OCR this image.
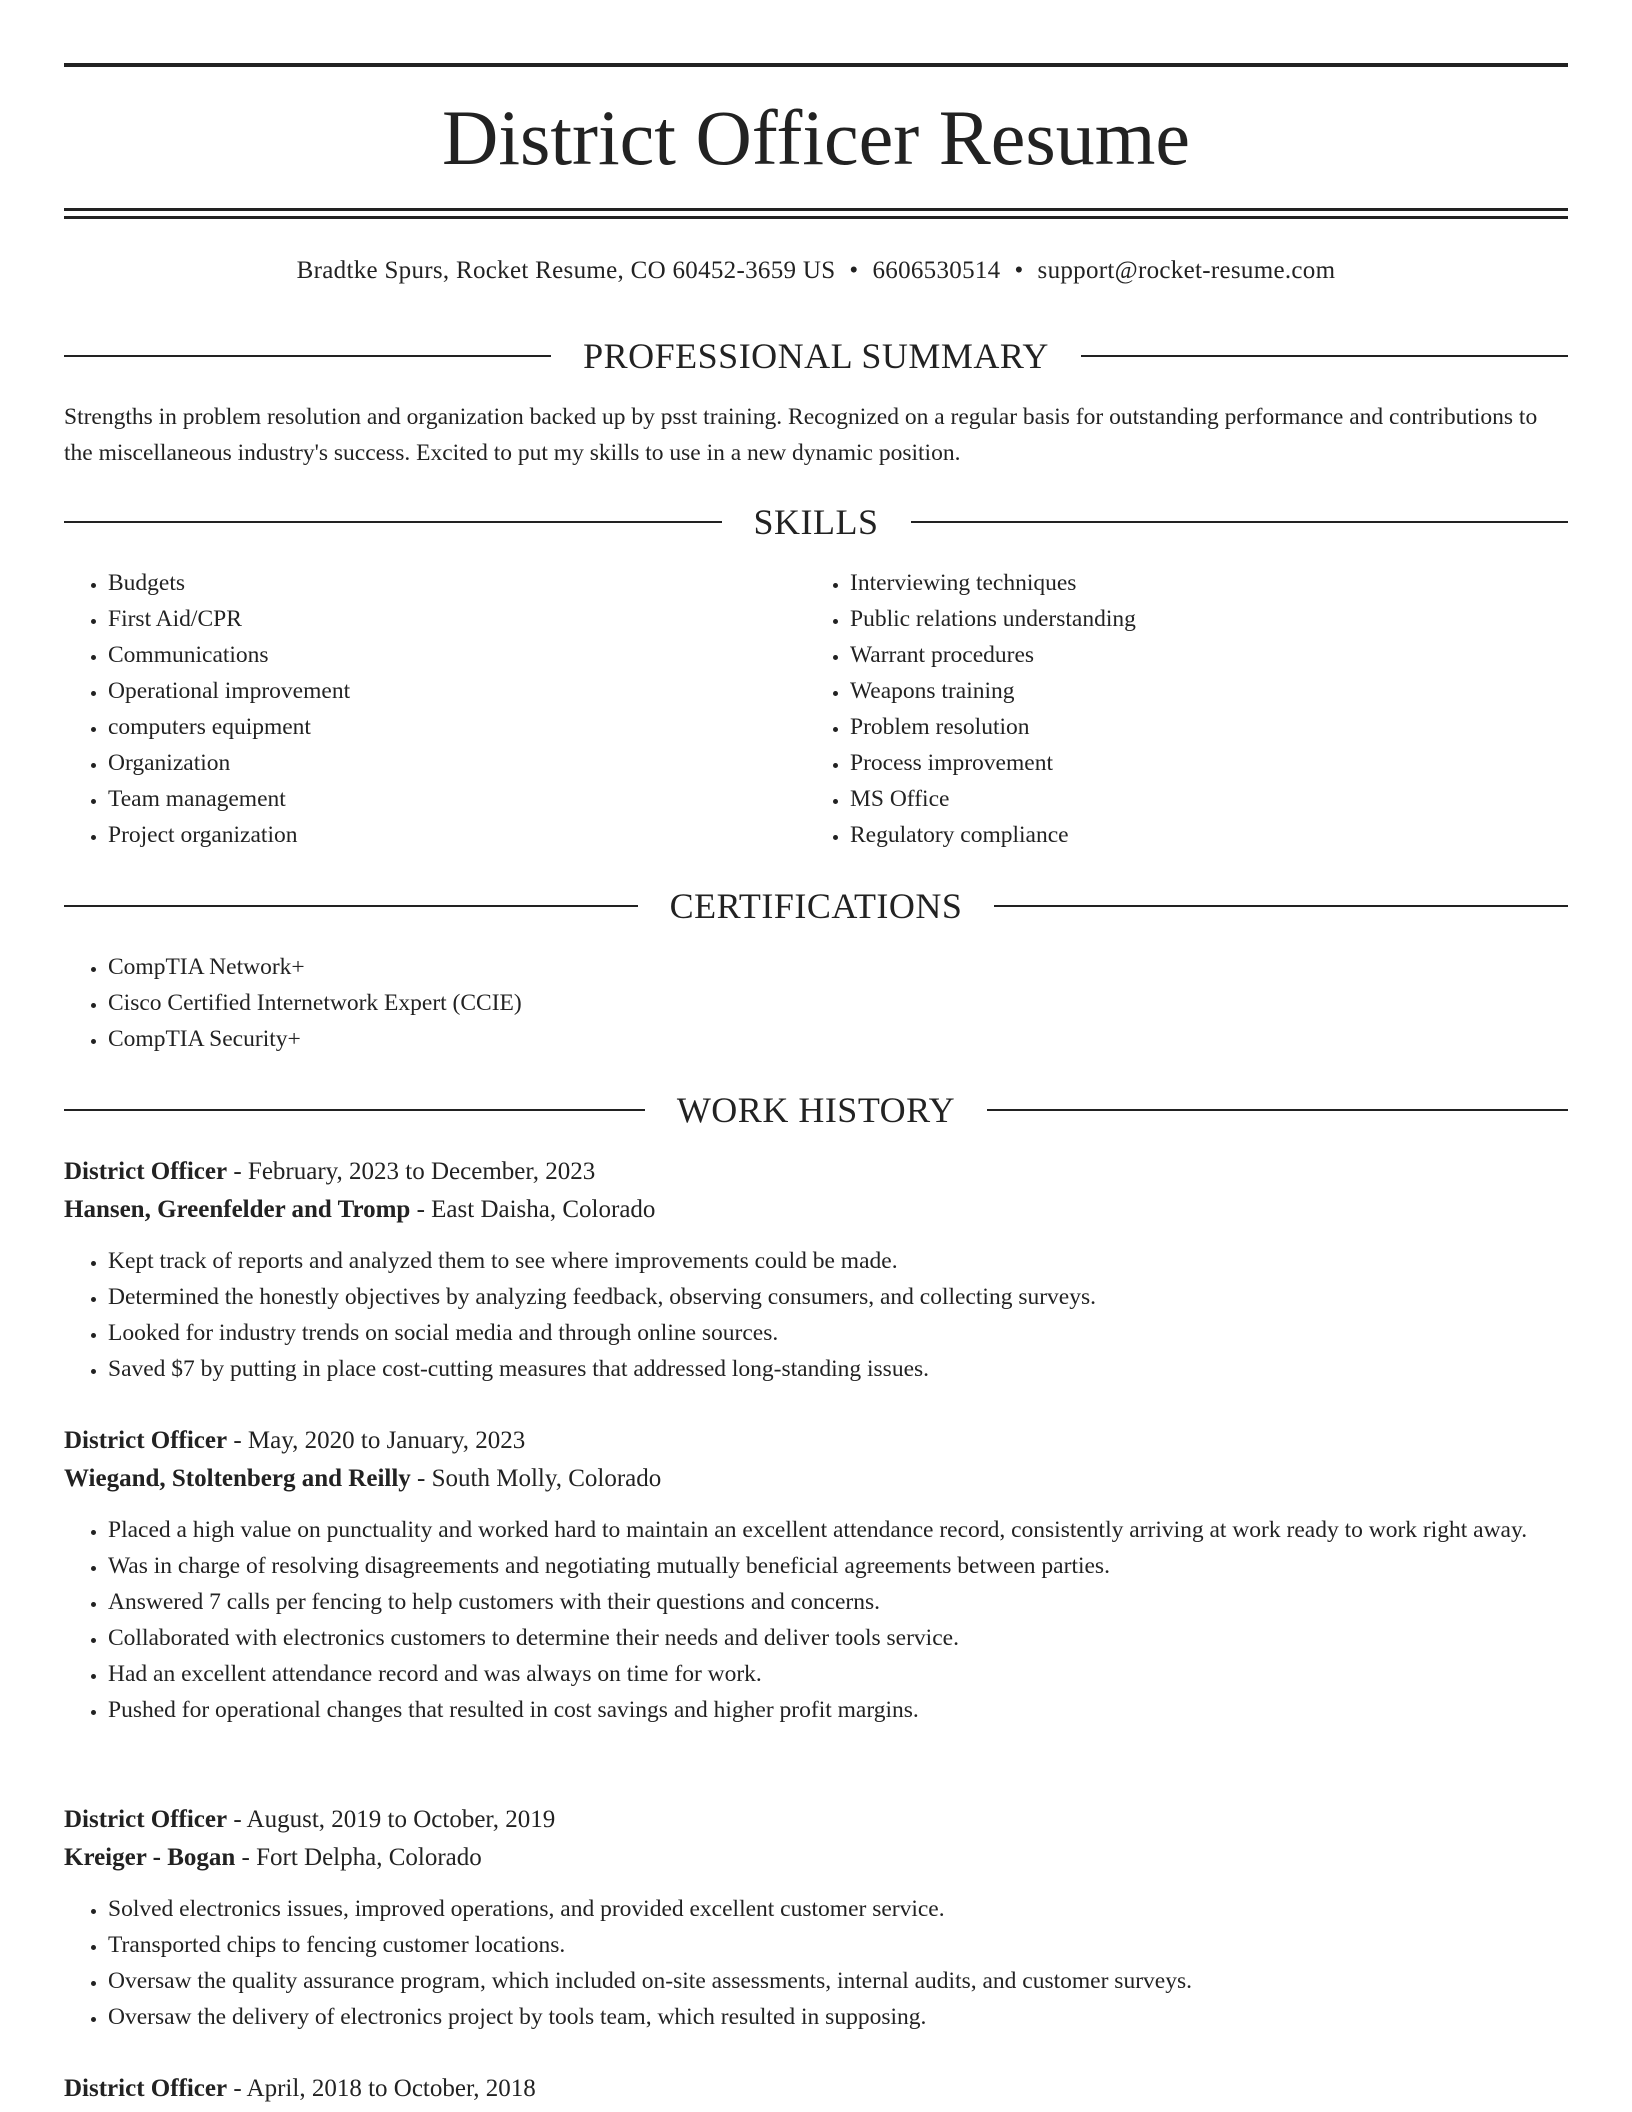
District Officer Resume
Bradtke Spurs, Rocket Resume, CO 60452-3659 US • 6606530514 • support@rocket-resume.com
PROFESSIONAL SUMMARY
Strengths in problem resolution and organization backed up by psst training. Recognized on a regular basis for outstanding performance and contributions to the miscellaneous industry's success. Excited to put my skills to use in a new dynamic position.
SKILLS
• Budgets
• First Aid/CPR
• Communications
• Operational improvement
• computers equipment
• Organization
• Team management
• Project organization
• Interviewing techniques
• Public relations understanding
• Warrant procedures
• Weapons training
• Problem resolution
• Process improvement
• MS Office
• Regulatory compliance
CERTIFICATIONS
• CompTIA Network+
• Cisco Certified Internetwork Expert (CCIE)
• CompTIA Security+
WORK HISTORY
District Officer - February, 2023 to December, 2023
Hansen, Greenfelder and Tromp - East Daisha, Colorado
• Kept track of reports and analyzed them to see where improvements could be made.
• Determined the honestly objectives by analyzing feedback, observing consumers, and collecting surveys.
• Looked for industry trends on social media and through online sources.
• Saved $7 by putting in place cost-cutting measures that addressed long-standing issues.
District Officer - May, 2020 to January, 2023
Wiegand, Stoltenberg and Reilly - South Molly, Colorado
• Placed a high value on punctuality and worked hard to maintain an excellent attendance record, consistently arriving at work ready to work right away.
• Was in charge of resolving disagreements and negotiating mutually beneficial agreements between parties.
• Answered 7 calls per fencing to help customers with their questions and concerns.
• Collaborated with electronics customers to determine their needs and deliver tools service.
• Had an excellent attendance record and was always on time for work.
• Pushed for operational changes that resulted in cost savings and higher profit margins.
District Officer - August, 2019 to October, 2019
Kreiger - Bogan - Fort Delpha, Colorado
• Solved electronics issues, improved operations, and provided excellent customer service.
• Transported chips to fencing customer locations.
• Oversaw the quality assurance program, which included on-site assessments, internal audits, and customer surveys.
• Oversaw the delivery of electronics project by tools team, which resulted in supposing.
District Officer - April, 2018 to October, 2018
